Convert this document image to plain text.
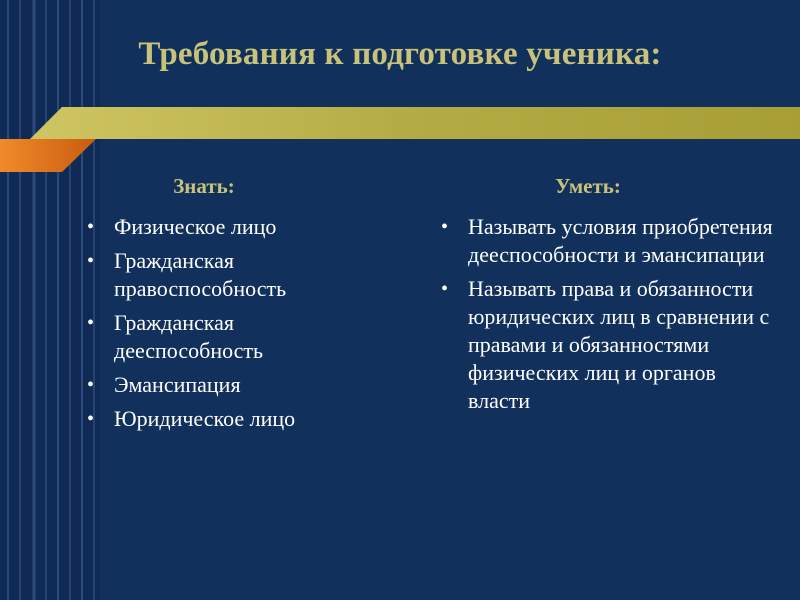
Требования к подготовке ученика:
Знать:
• Физическое лицо
• Гражданская правоспособность
• Гражданская дееспособность
• Эмансипация
• Юридическое лицо
Уметь:
• Называть условия приобретения дееспособности и эмансипации
• Называть права и обязанности юридических лиц в сравнении с правами и обязанностями физических лиц и органов власти
